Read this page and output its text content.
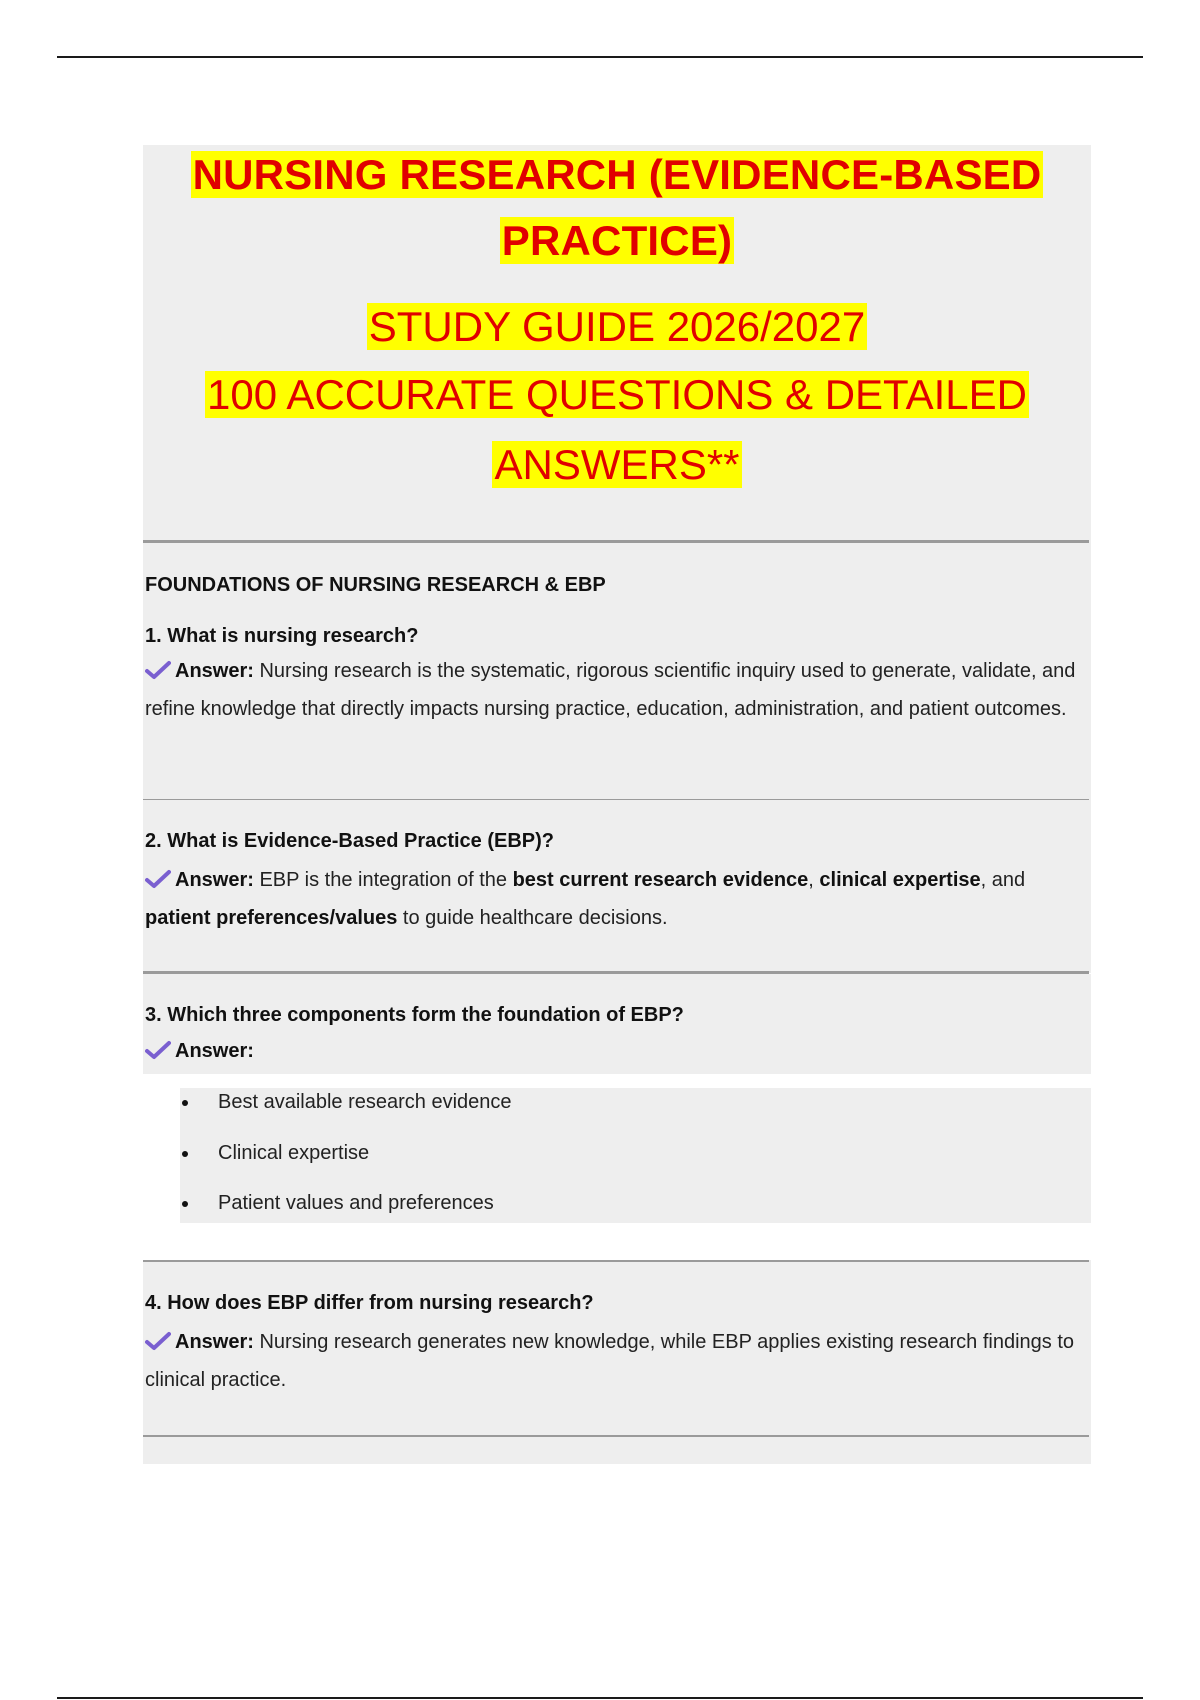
NURSING RESEARCH (EVIDENCE-BASED
PRACTICE)
STUDY GUIDE 2026/2027
100 ACCURATE QUESTIONS & DETAILED
ANSWERS**
FOUNDATIONS OF NURSING RESEARCH & EBP
1. What is nursing research?
Answer: Nursing research is the systematic, rigorous scientific inquiry used to generate, validate, and refine knowledge that directly impacts nursing practice, education, administration, and patient outcomes.
2. What is Evidence-Based Practice (EBP)?
Answer: EBP is the integration of the best current research evidence, clinical expertise, and patient preferences/values to guide healthcare decisions.
3. Which three components form the foundation of EBP?
Answer:
Best available research evidence
Clinical expertise
Patient values and preferences
4. How does EBP differ from nursing research?
Answer: Nursing research generates new knowledge, while EBP applies existing research findings to clinical practice.
